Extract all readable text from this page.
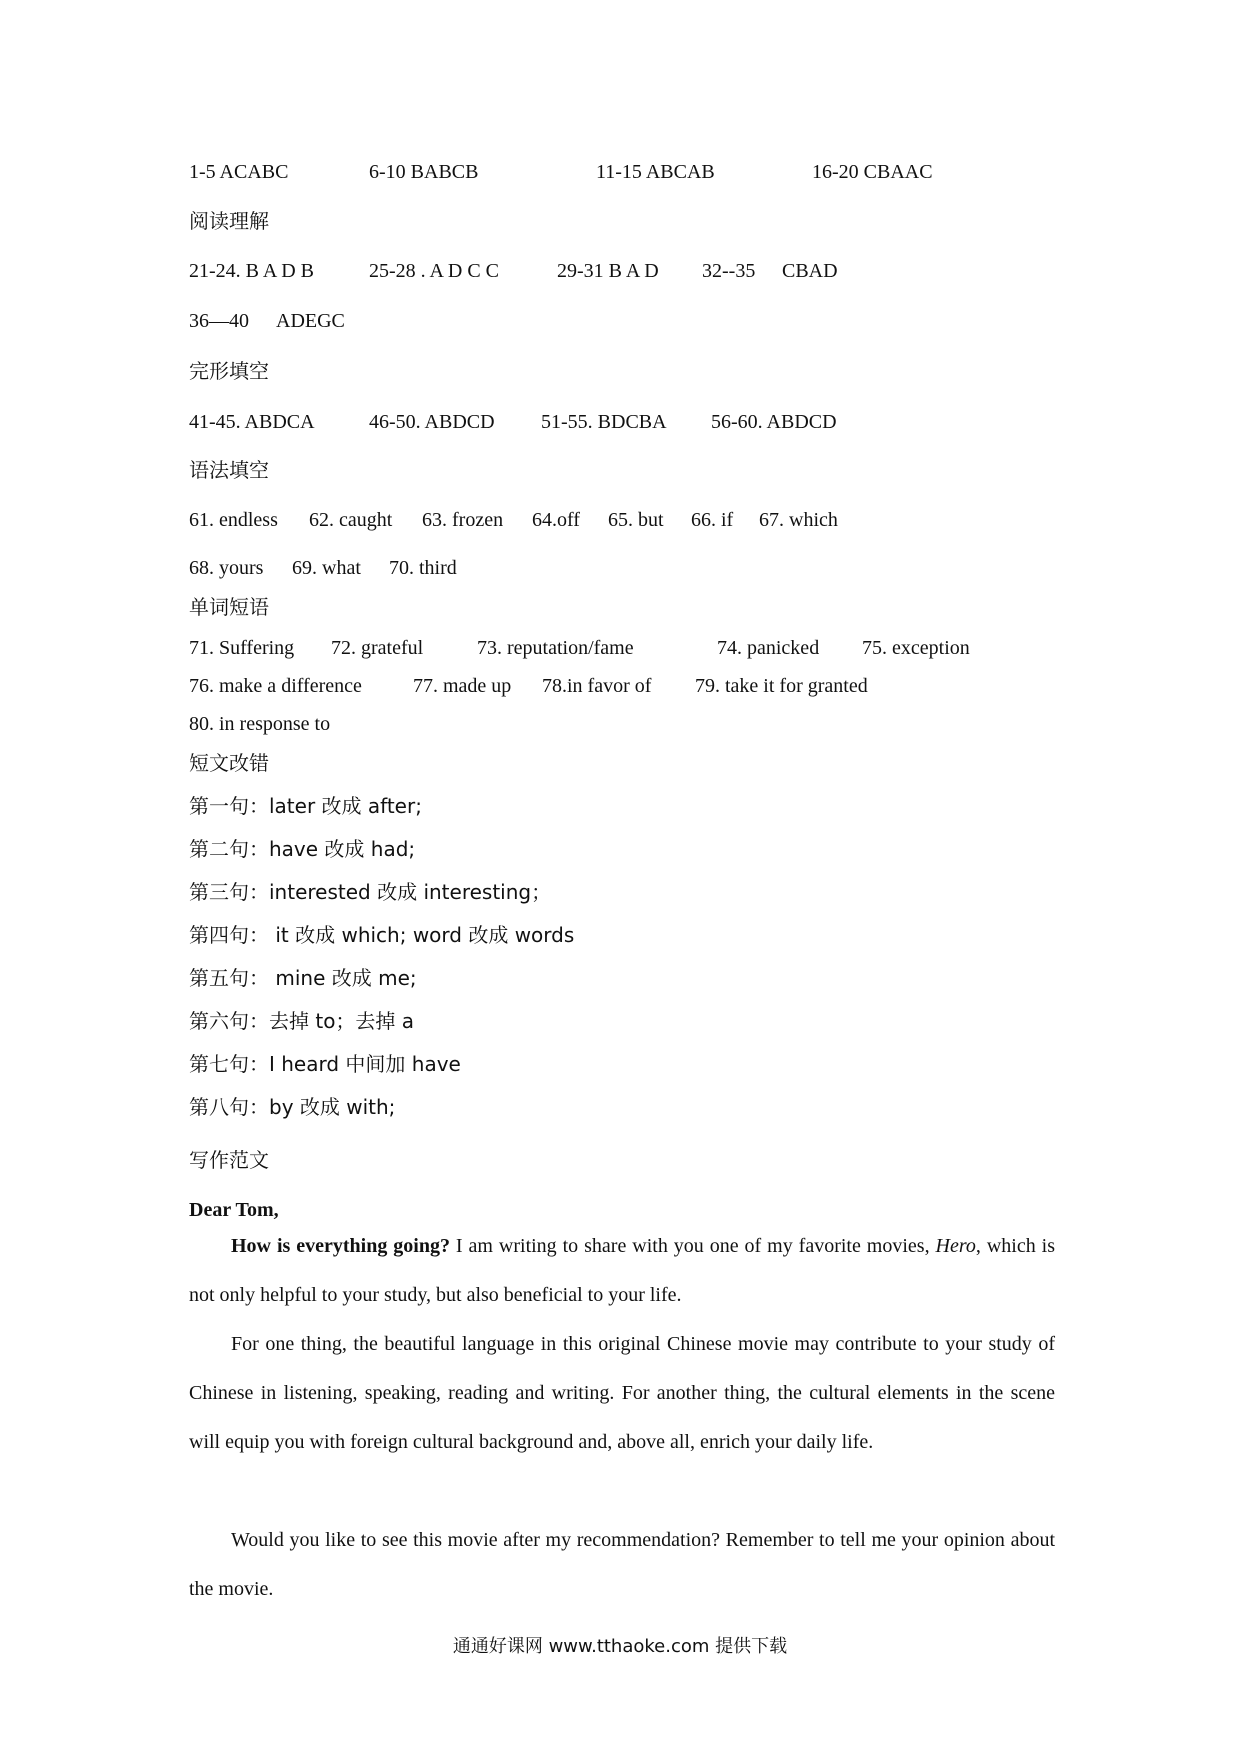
1-5 ACABC	6-10 BABCB	11-15 ABCAB	16-20 CBAAC
阅读理解
21-24. B A D B	25-28 . A D C C	29-31 B A D 32--35 CBAD
36—40 ADEGC
完形填空
41-45. ABDCA	46-50. ABDCD 51-55. BDCBA 56-60. ABDCD
语法填空
61. endless 62. caught 63. frozen 64.off 65. but 66. if 67. which
68. yours 69. what 70. third
单词短语
71. Suffering 72. grateful	73. reputation/fame	74. panicked 75. exception
76. make a difference	77. made up 78.in favor of 79. take it for granted
80. in response to
短文改错
第一句：later 改成 after;
第二句：have 改成 had;
第三句：interested 改成 interesting；
第四句： it 改成 which; word 改成 words
第五句： mine 改成 me;
第六句：去掉 to；去掉 a
第七句：I heard 中间加 have
第八句：by 改成 with;
写作范文
Dear Tom,
How is everything going? I am writing to share with you one of my favorite movies, Hero, which is not only helpful to your study, but also beneficial to your life.
For one thing, the beautiful language in this original Chinese movie may contribute to your study of Chinese in listening, speaking, reading and writing. For another thing, the cultural elements in the scene will equip you with foreign cultural background and, above all, enrich your daily life.
Would you like to see this movie after my recommendation? Remember to tell me your opinion about the movie.
通通好课网 www.tthaoke.com 提供下载
